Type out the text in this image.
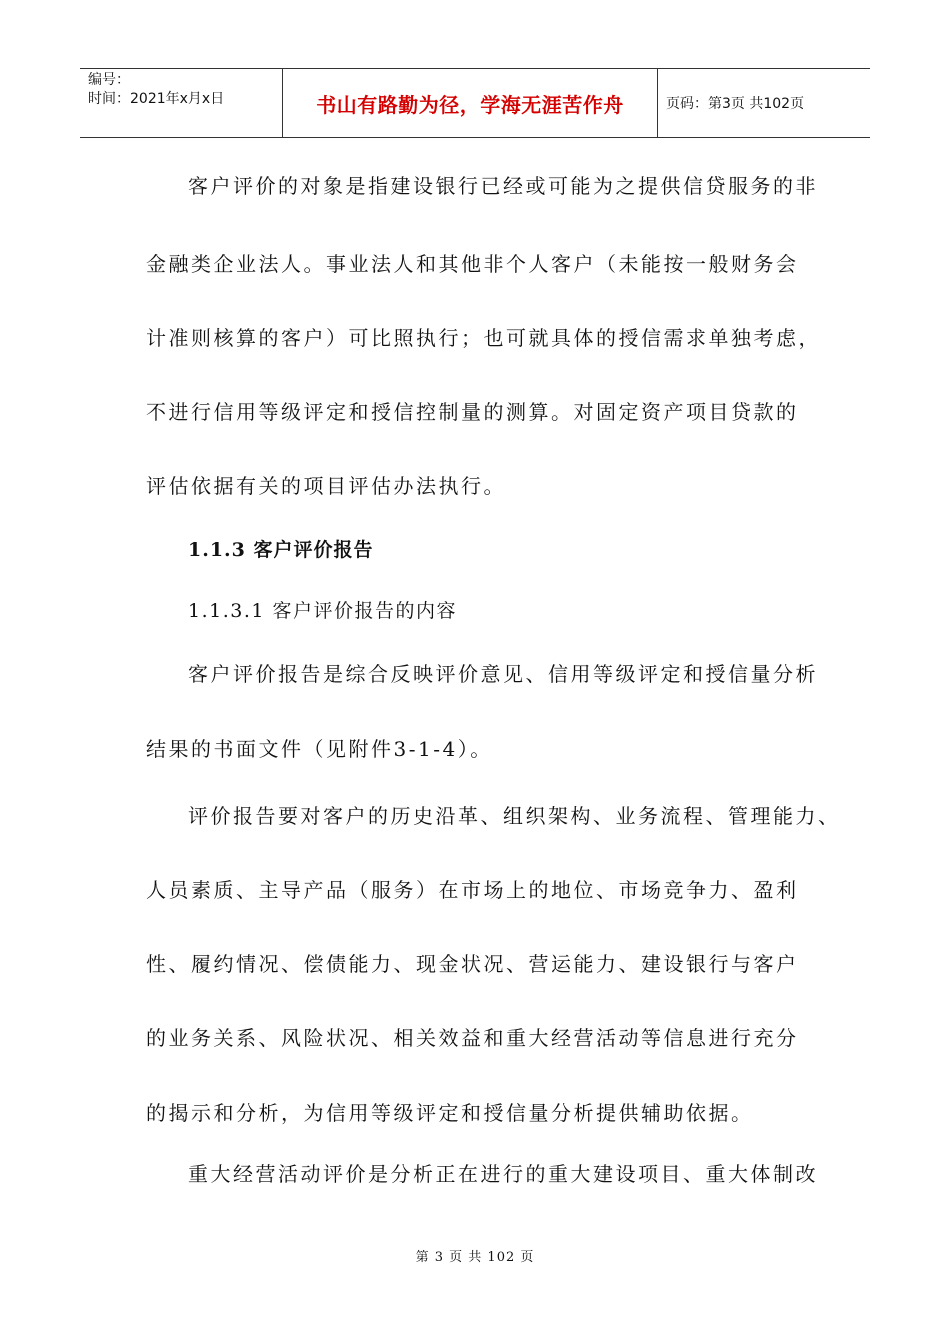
编号：
时间：2021年x月x日	书山有路勤为径，学海无涯苦作舟	页码：第3页 共102页
客户评价的对象是指建设银行已经或可能为之提供信贷服务的非
金融类企业法人。事业法人和其他非个人客户（未能按一般财务会
计准则核算的客户）可比照执行；也可就具体的授信需求单独考虑，
不进行信用等级评定和授信控制量的测算。对固定资产项目贷款的
评估依据有关的项目评估办法执行。
1.1.3 客户评价报告
1.1.3.1 客户评价报告的内容
客户评价报告是综合反映评价意见、信用等级评定和授信量分析
结果的书面文件（见附件3-1-4）。
评价报告要对客户的历史沿革、组织架构、业务流程、管理能力、
人员素质、主导产品（服务）在市场上的地位、市场竞争力、盈利
性、履约情况、偿债能力、现金状况、营运能力、建设银行与客户
的业务关系、风险状况、相关效益和重大经营活动等信息进行充分
的揭示和分析，为信用等级评定和授信量分析提供辅助依据。
重大经营活动评价是分析正在进行的重大建设项目、重大体制改
第 3 页 共 102 页
